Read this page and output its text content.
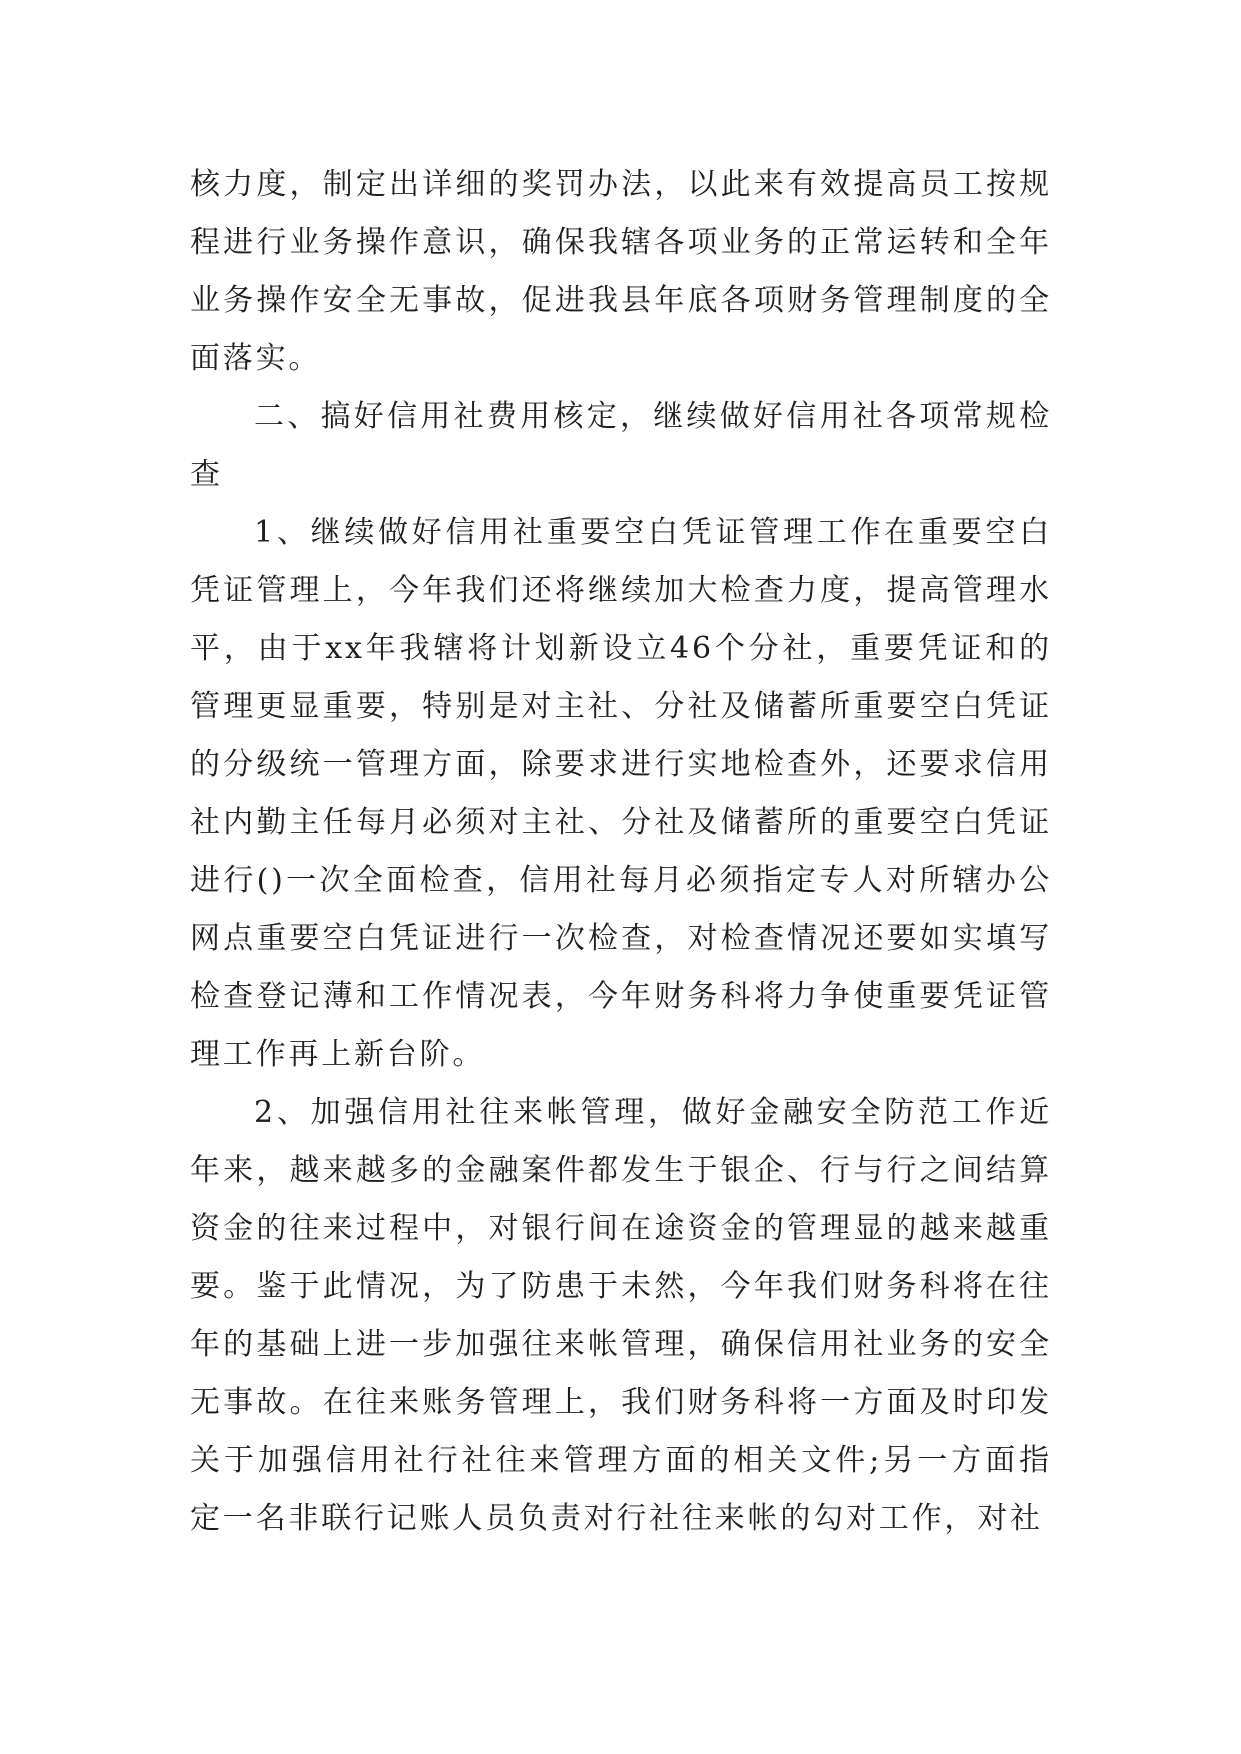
核力度，制定出详细的奖罚办法，以此来有效提高员工按规程进行业务操作意识，确保我辖各项业务的正常运转和全年业务操作安全无事故，促进我县年底各项财务管理制度的全面落实。

二、搞好信用社费用核定，继续做好信用社各项常规检查

1、继续做好信用社重要空白凭证管理工作在重要空白凭证管理上，今年我们还将继续加大检查力度，提高管理水平，由于xx年我辖将计划新设立46个分社，重要凭证和的管理更显重要，特别是对主社、分社及储蓄所重要空白凭证的分级统一管理方面，除要求进行实地检查外，还要求信用社内勤主任每月必须对主社、分社及储蓄所的重要空白凭证进行()一次全面检查，信用社每月必须指定专人对所辖办公网点重要空白凭证进行一次检查，对检查情况还要如实填写检查登记薄和工作情况表，今年财务科将力争使重要凭证管理工作再上新台阶。

2、加强信用社往来帐管理，做好金融安全防范工作近年来，越来越多的金融案件都发生于银企、行与行之间结算资金的往来过程中，对银行间在途资金的管理显的越来越重要。鉴于此情况，为了防患于未然，今年我们财务科将在往年的基础上进一步加强往来帐管理，确保信用社业务的安全无事故。在往来账务管理上，我们财务科将一方面及时印发关于加强信用社行社往来管理方面的相关文件;另一方面指定一名非联行记账人员负责对行社往来帐的勾对工作，对社
